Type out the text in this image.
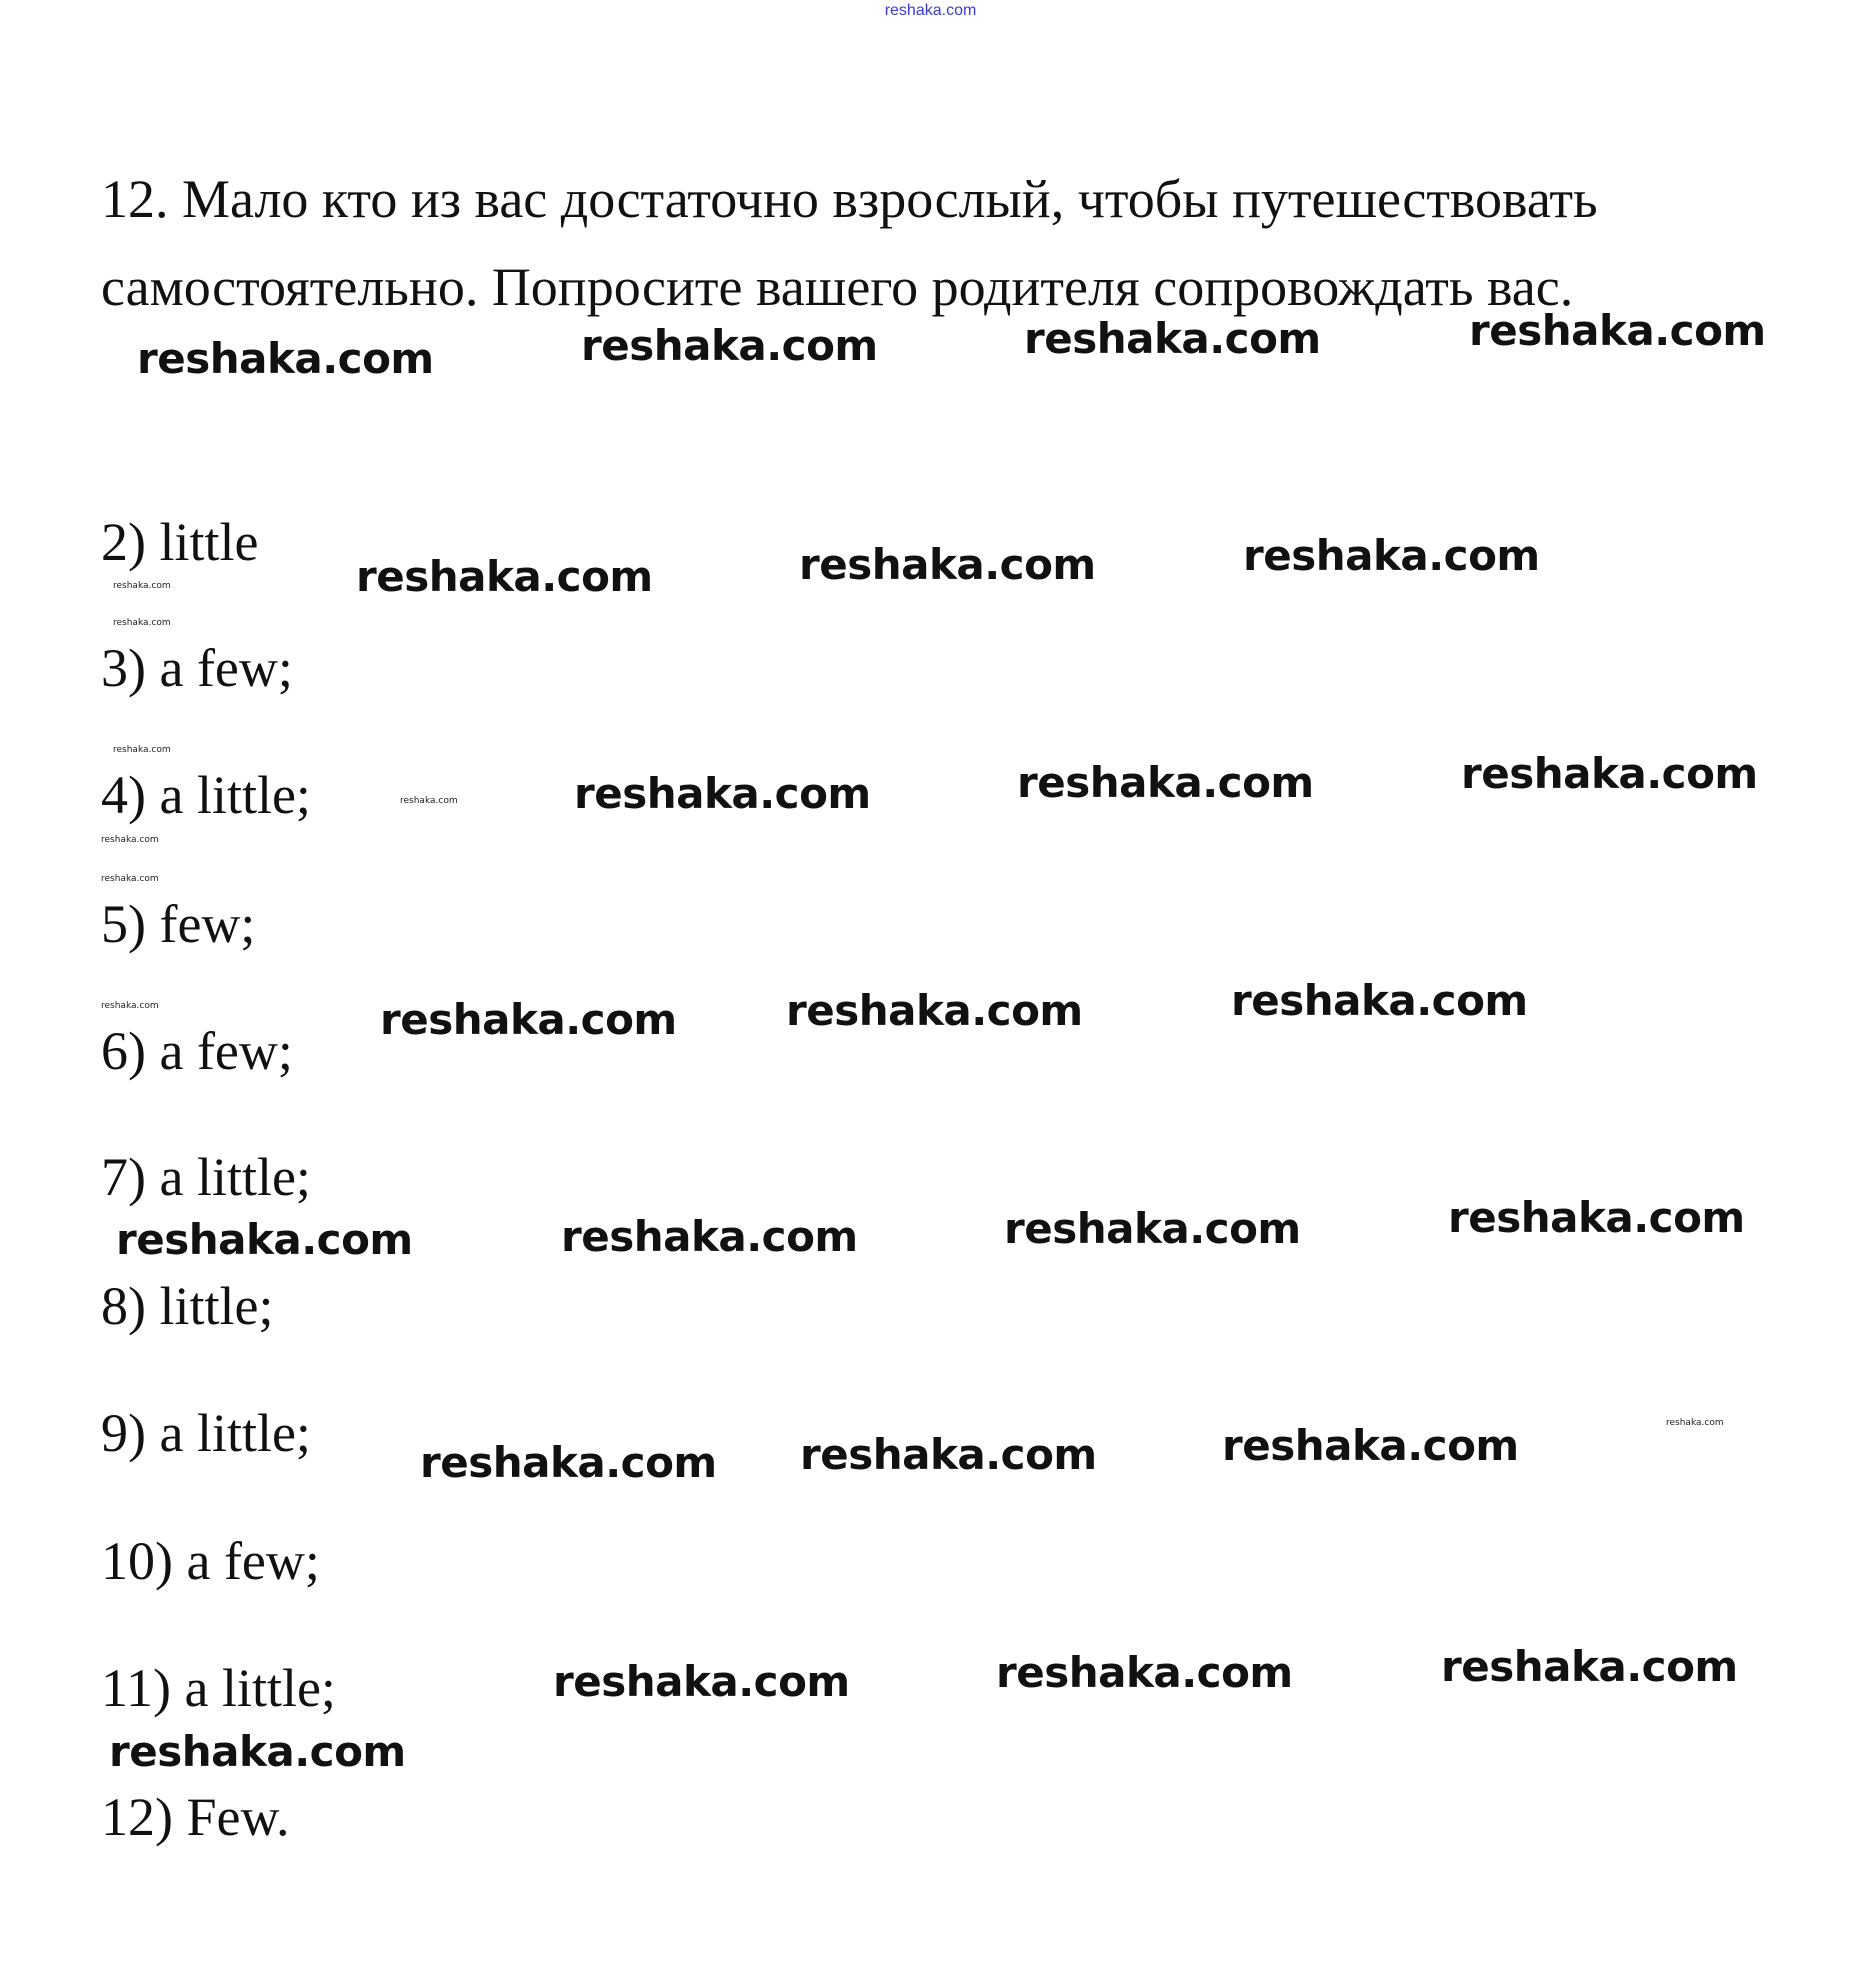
reshaka.com
12. Мало кто из вас достаточно взрослый, чтобы путешествовать
самостоятельно. Попросите вашего родителя сопровождать вас.
2) little
3) a few;
4) a little;
5) few;
6) a few;
7) a little;
8) little;
9) a little;
10) a few;
11) a little;
12) Few.
reshaka.com	reshaka.com	reshaka.com	reshaka.com
reshaka.com	reshaka.com	reshaka.com
reshaka.com	reshaka.com	reshaka.com
reshaka.com	reshaka.com	reshaka.com
reshaka.com	reshaka.com	reshaka.com	reshaka.com
reshaka.com reshaka.com	reshaka.com
reshaka.com	reshaka.com	reshaka.com
reshaka.com
reshaka.com
reshaka.com
reshaka.com
reshaka.com
reshaka.com
reshaka.com
reshaka.com
reshaka.com
